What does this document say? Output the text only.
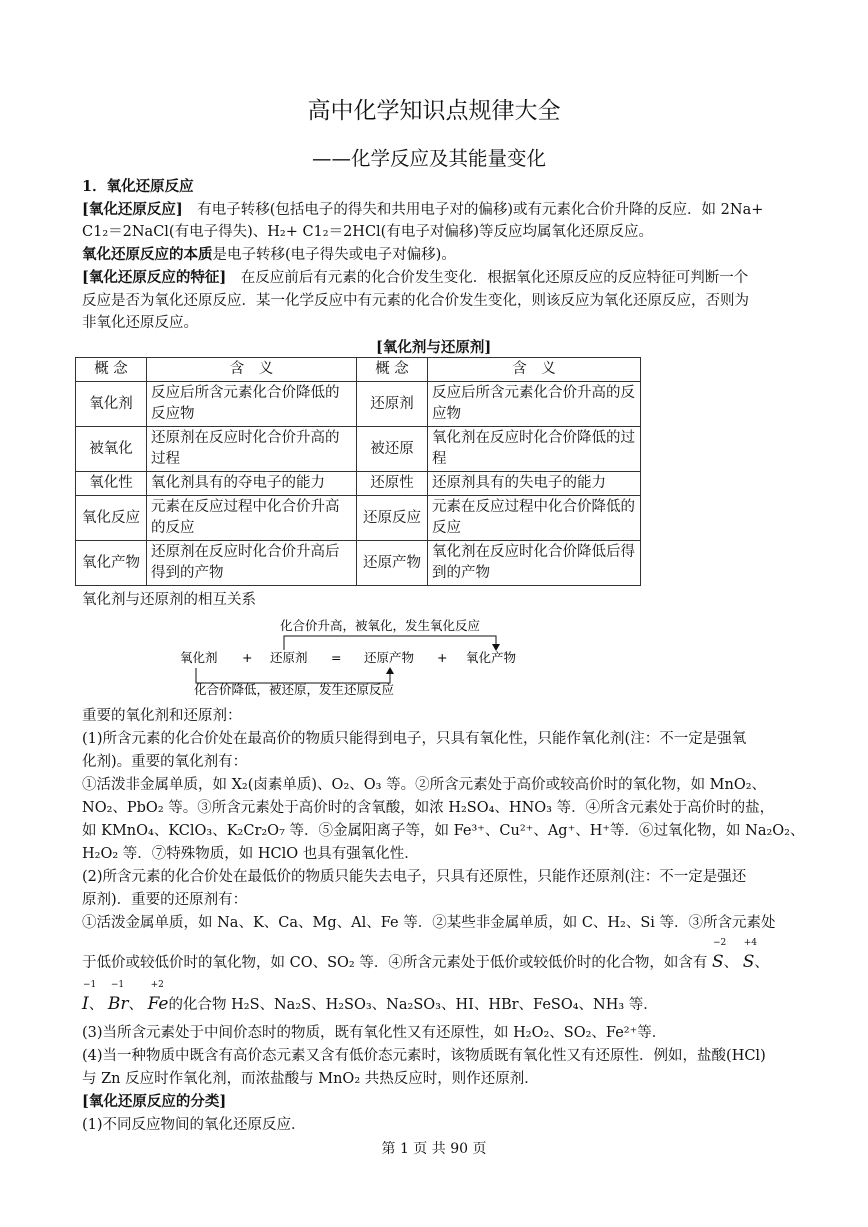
高中化学知识点规律大全
——化学反应及其能量变化
1．氧化还原反应
[氧化还原反应]　 有电子转移(包括电子的得失和共用电子对的偏移)或有元素化合价升降的反应．如 2Na+
C1₂＝2NaCl(有电子得失)、H₂+ C1₂＝2HCl(有电子对偏移)等反应均属氧化还原反应。
氧化还原反应的本质是电子转移(电子得失或电子对偏移)。
[氧化还原反应的特征]　 在反应前后有元素的化合价发生变化．根据氧化还原反应的反应特征可判断一个
反应是否为氧化还原反应．某一化学反应中有元素的化合价发生变化，则该反应为氧化还原反应，否则为
非氧化还原反应。
[氧化剂与还原剂]
概 念	含　义	概 念	含　义
氧化剂	反应后所含元素化合价降低的反应物	还原剂	反应后所含元素化合价升高的反应物
被氧化	还原剂在反应时化合价升高的过程	被还原	氧化剂在反应时化合价降低的过程
氧化性	氧化剂具有的夺电子的能力	还原性	还原剂具有的失电子的能力
氧化反应	元素在反应过程中化合价升高的反应	还原反应	元素在反应过程中化合价降低的反应
氧化产物	还原剂在反应时化合价升高后得到的产物	还原产物	氧化剂在反应时化合价降低后得到的产物
氧化剂与还原剂的相互关系
化合价升高，被氧化，发生氧化反应
氧化剂 + 还原剂 = 还原产物 + 氧化产物
化合价降低，被还原，发生还原反应
重要的氧化剂和还原剂：
(1)所含元素的化合价处在最高价的物质只能得到电子，只具有氧化性，只能作氧化剂(注：不一定是强氧
化剂)。重要的氧化剂有：
①活泼非金属单质，如 X₂(卤素单质)、O₂、O₃ 等。②所含元素处于高价或较高价时的氧化物，如 MnO₂、
NO₂、PbO₂ 等。③所含元素处于高价时的含氧酸，如浓 H₂SO₄、HNO₃ 等．④所含元素处于高价时的盐，
如 KMnO₄、KClO₃、K₂Cr₂O₇ 等．⑤金属阳离子等，如 Fe³⁺、Cu²⁺、Ag⁺、H⁺等．⑥过氧化物，如 Na₂O₂、
H₂O₂ 等．⑦特殊物质，如 HClO 也具有强氧化性．
(2)所含元素的化合价处在最低价的物质只能失去电子，只具有还原性，只能作还原剂(注：不一定是强还
原剂)．重要的还原剂有：
①活泼金属单质，如 Na、K、Ca、Mg、Al、Fe 等．②某些非金属单质，如 C、H₂、Si 等．③所含元素处
于低价或较低价时的氧化物，如 CO、SO₂ 等．④所含元素处于低价或较低价时的化合物，如含有
−2
S、
+4
S、
−1
I、
−1
Br、
+2
Fe的化合物 H₂S、Na₂S、H₂SO₃、Na₂SO₃、HI、HBr、FeSO₄、NH₃ 等．
(3)当所含元素处于中间价态时的物质，既有氧化性又有还原性，如 H₂O₂、SO₂、Fe²⁺等．
(4)当一种物质中既含有高价态元素又含有低价态元素时，该物质既有氧化性又有还原性．例如，盐酸(HCl)
与 Zn 反应时作氧化剂，而浓盐酸与 MnO₂ 共热反应时，则作还原剂．
[氧化还原反应的分类]
(1)不同反应物间的氧化还原反应．
第 1 页 共 90 页
